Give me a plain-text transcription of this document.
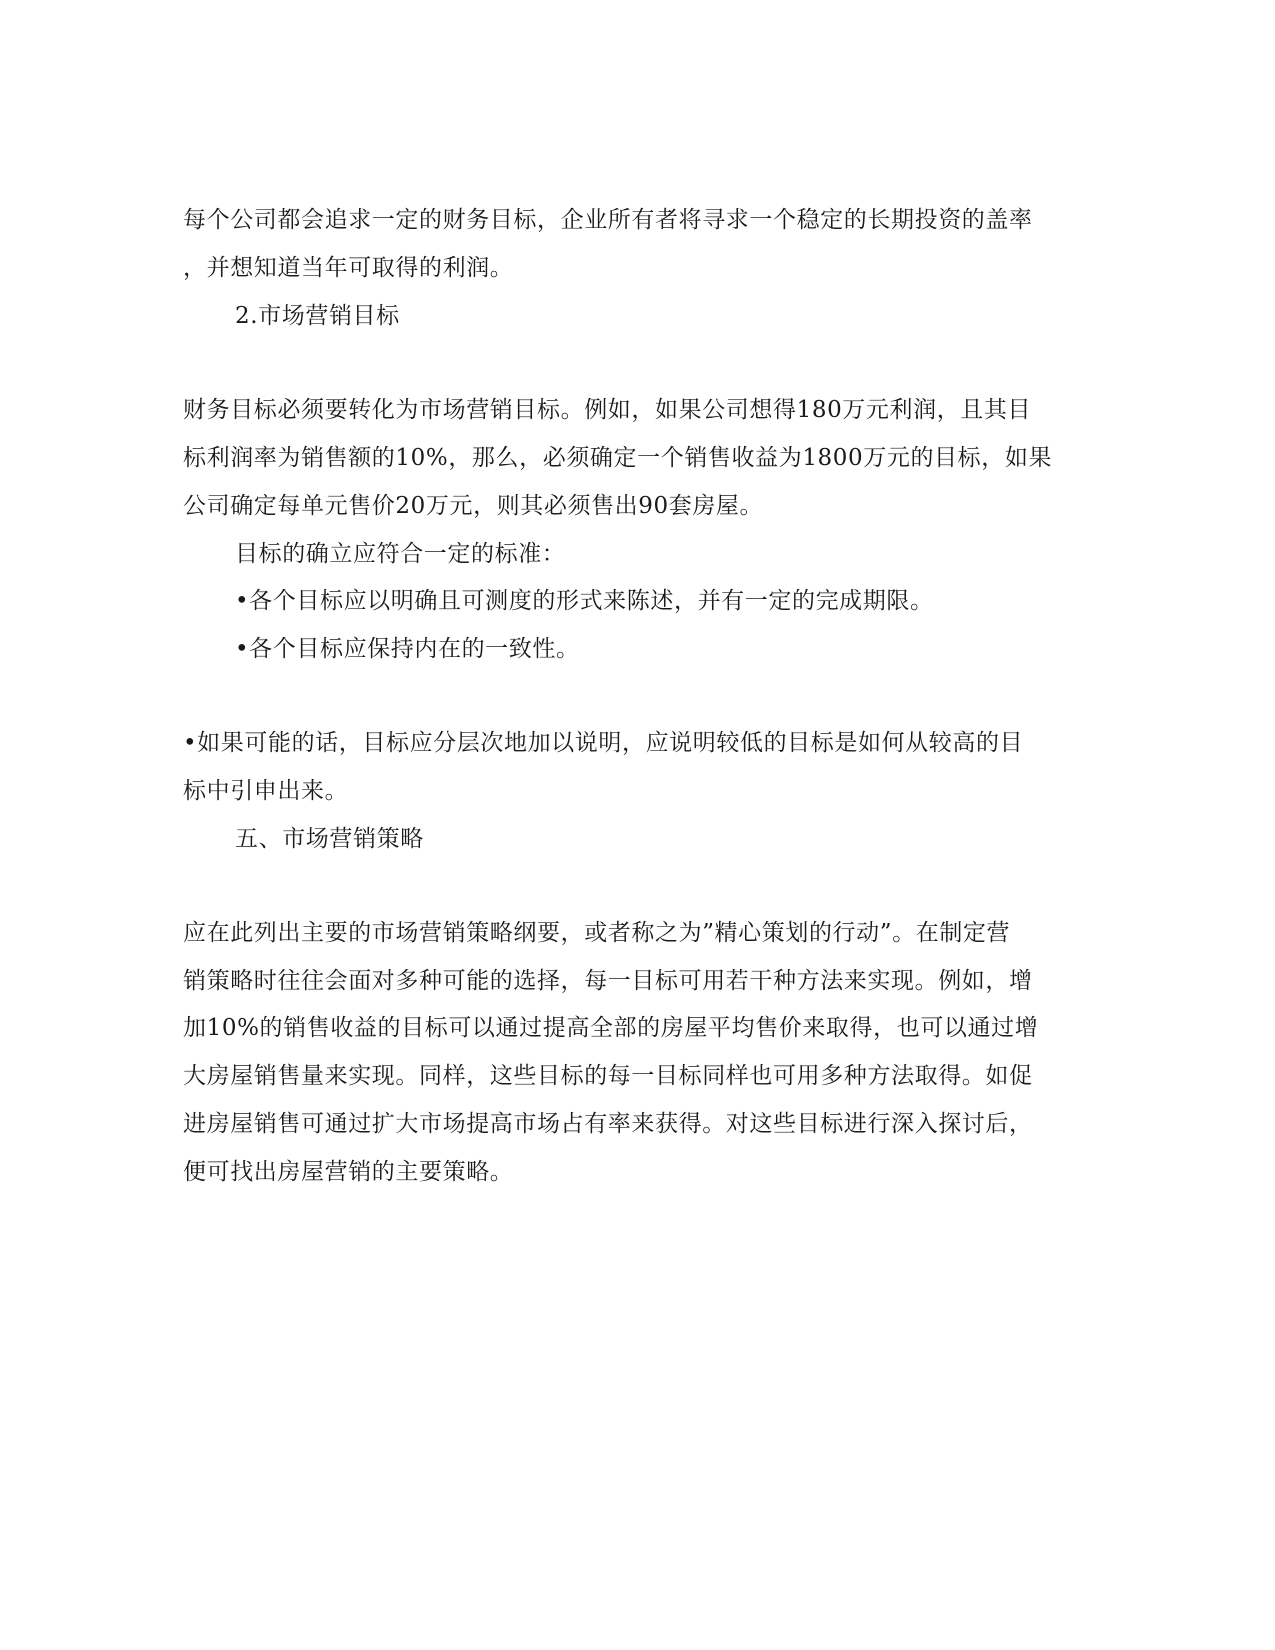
每个公司都会追求一定的财务目标，企业所有者将寻求一个稳定的长期投资的盖率
，并想知道当年可取得的利润。
2.市场营销目标
财务目标必须要转化为市场营销目标。例如，如果公司想得180万元利润，且其目
标利润率为销售额的10%，那么，必须确定一个销售收益为1800万元的目标，如果
公司确定每单元售价20万元，则其必须售出90套房屋。
目标的确立应符合一定的标准：
•各个目标应以明确且可测度的形式来陈述，并有一定的完成期限。
•各个目标应保持内在的一致性。
•如果可能的话，目标应分层次地加以说明，应说明较低的目标是如何从较高的目
标中引申出来。
五、市场营销策略
应在此列出主要的市场营销策略纲要，或者称之为”精心策划的行动”。在制定营
销策略时往往会面对多种可能的选择，每一目标可用若干种方法来实现。例如，增
加10%的销售收益的目标可以通过提高全部的房屋平均售价来取得，也可以通过增
大房屋销售量来实现。同样，这些目标的每一目标同样也可用多种方法取得。如促
进房屋销售可通过扩大市场提高市场占有率来获得。对这些目标进行深入探讨后，
便可找出房屋营销的主要策略。
